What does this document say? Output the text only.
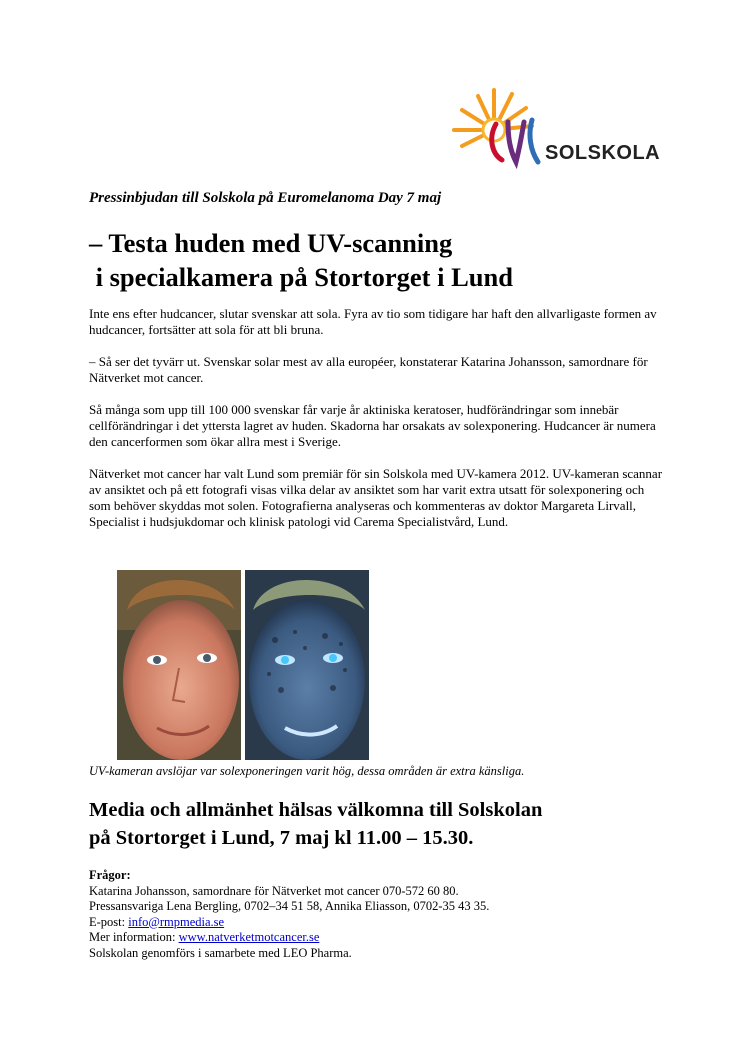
SOLSKOLA

Pressinbjudan till Solskola på Euromelanoma Day 7 maj

– Testa huden med UV-scanning
i specialkamera på Stortorget i Lund

Inte ens efter hudcancer, slutar svenskar att sola. Fyra av tio som tidigare har haft den allvarligaste formen av hudcancer, fortsätter att sola för att bli bruna.

– Så ser det tyvärr ut. Svenskar solar mest av alla européer, konstaterar Katarina Johansson, samordnare för Nätverket mot cancer.

Så många som upp till 100 000 svenskar får varje år aktiniska keratoser, hudförändringar som innebär cellförändringar i det yttersta lagret av huden. Skadorna har orsakats av solexponering. Hudcancer är numera den cancerformen som ökar allra mest i Sverige.

Nätverket mot cancer har valt Lund som premiär för sin Solskola med UV-kamera 2012. UV-kameran scannar av ansiktet och på ett fotografi visas vilka delar av ansiktet som har varit extra utsatt för solexponering och som behöver skyddas mot solen. Fotografierna analyseras och kommenteras av doktor Margareta Lirvall, Specialist i hudsjukdomar och klinisk patologi vid Carema Specialistvård, Lund.

UV-kameran avslöjar var solexponeringen varit hög, dessa områden är extra känsliga.

Media och allmänhet hälsas välkomna till Solskolan
på Stortorget i Lund, 7 maj kl 11.00 – 15.30.
Frågor:
Katarina Johansson, samordnare för Nätverket mot cancer 070-572 60 80.
Pressansvariga Lena Bergling, 0702–34 51 58, Annika Eliasson, 0702-35 43 35.
E-post: info@rmpmedia.se
Mer information: www.natverketmotcancer.se
Solskolan genomförs i samarbete med LEO Pharma.
